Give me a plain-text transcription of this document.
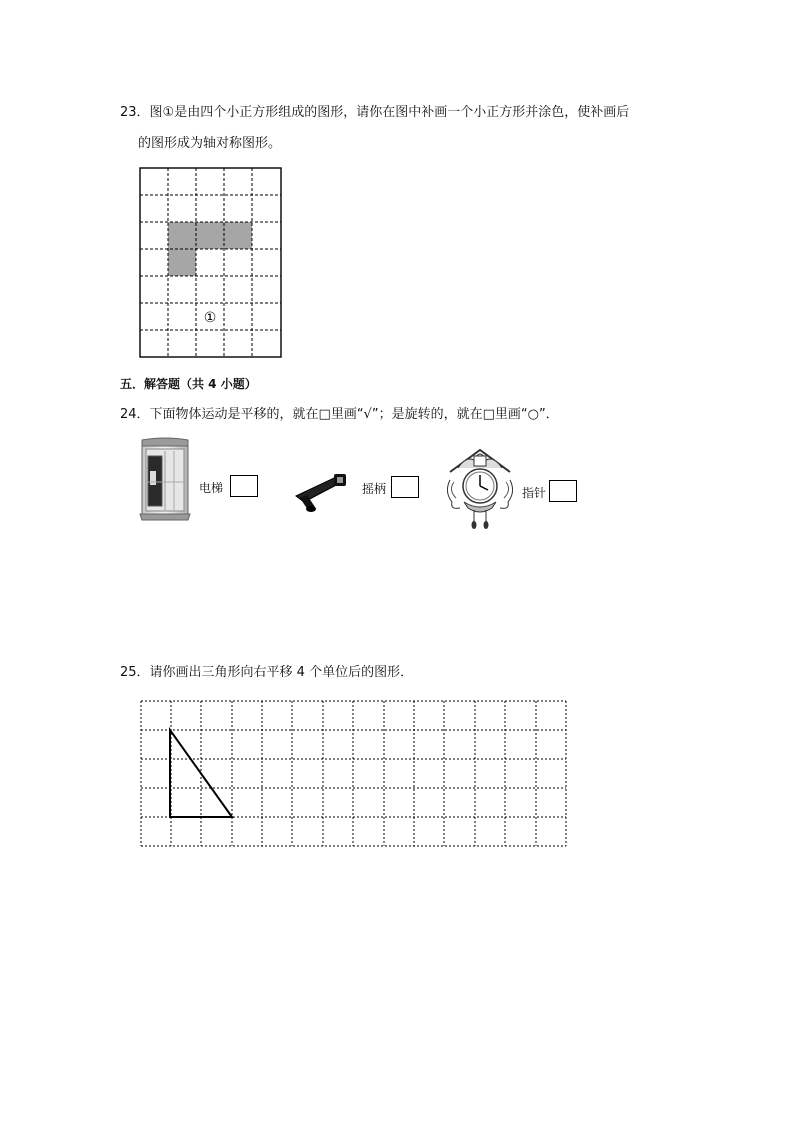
23．图①是由四个小正方形组成的图形，请你在图中补画一个小正方形并涂色，使补画后
的图形成为轴对称图形。
①
五．解答题（共 4 小题）
24．下面物体运动是平移的，就在□里画“√”；是旋转的，就在□里画“○”．
电梯	摇柄	指针
25．请你画出三角形向右平移 4 个单位后的图形．
